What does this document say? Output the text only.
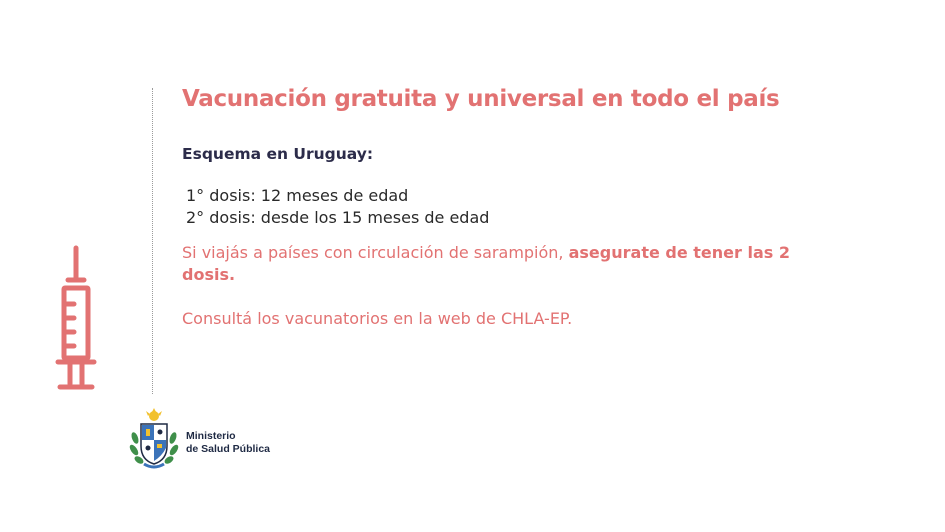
Vacunación gratuita y universal en todo el país
Esquema en Uruguay:
1° dosis: 12 meses de edad
2° dosis: desde los 15 meses de edad
Si viajás a países con circulación de sarampión, asegurate de tener las 2 dosis.
Consultá los vacunatorios en la web de CHLA-EP.
Ministerio
de Salud Pública
